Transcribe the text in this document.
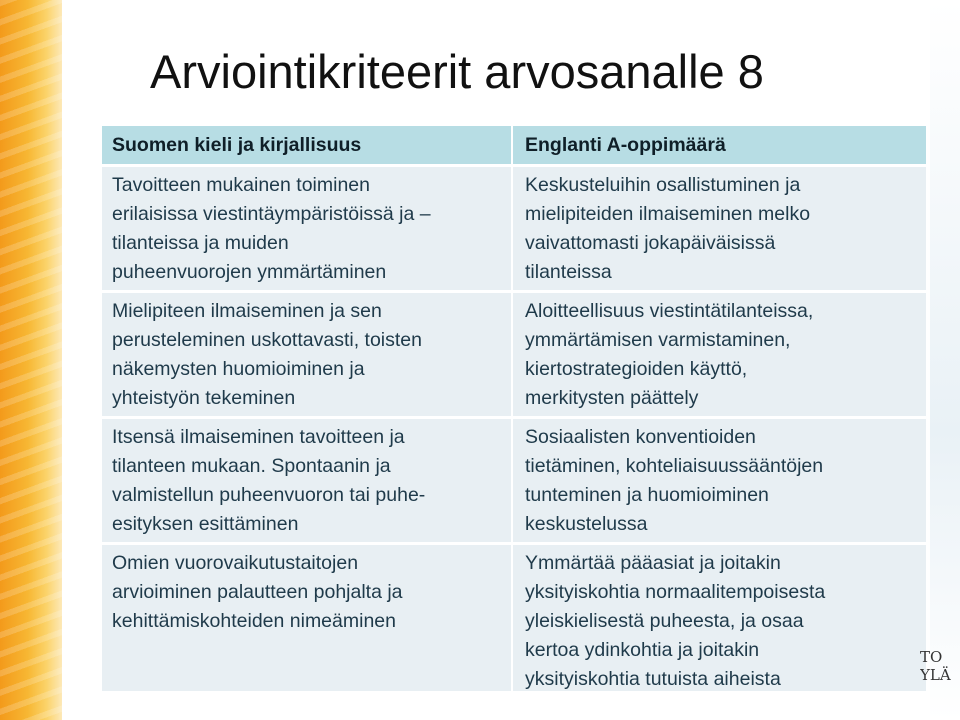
Arviointikriteerit arvosanalle 8
Suomen kieli ja kirjallisuus	Englanti A-oppimäärä
Tavoitteen mukainen toiminen
erilaisissa viestintäympäristöissä ja –
tilanteissa ja muiden
puheenvuorojen ymmärtäminen
Keskusteluihin osallistuminen ja
mielipiteiden ilmaiseminen melko
vaivattomasti jokapäiväisissä
tilanteissa
Mielipiteen ilmaiseminen ja sen
perusteleminen uskottavasti, toisten
näkemysten huomioiminen ja
yhteistyön tekeminen
Aloitteellisuus viestintätilanteissa,
ymmärtämisen varmistaminen,
kiertostrategioiden käyttö,
merkitysten päättely
Itsensä ilmaiseminen tavoitteen ja
tilanteen mukaan. Spontaanin ja
valmistellun puheenvuoron tai puhe-
esityksen esittäminen
Sosiaalisten konventioiden
tietäminen, kohteliaisuussääntöjen
tunteminen ja huomioiminen
keskustelussa
Omien vuorovaikutustaitojen
arvioiminen palautteen pohjalta ja
kehittämiskohteiden nimeäminen
Ymmärtää pääasiat ja joitakin
yksityiskohtia normaalitempoisesta
yleiskielisestä puheesta, ja osaa
kertoa ydinkohtia ja joitakin
yksityiskohtia tutuista aiheista
TO
YLÄ
